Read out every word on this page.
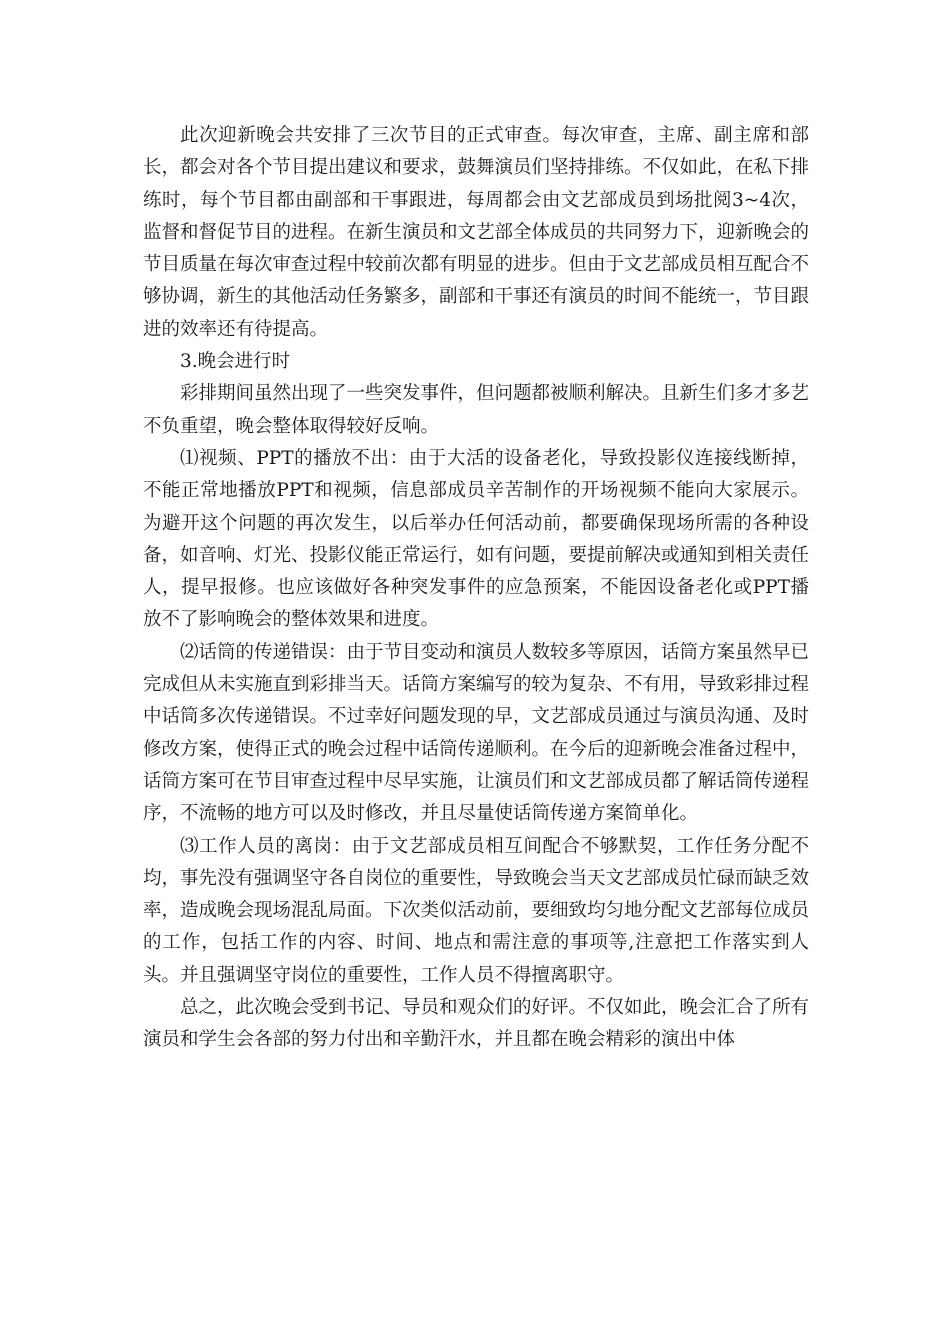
此次迎新晚会共安排了三次节目的正式审查。每次审查，主席、副主席和部长，都会对各个节目提出建议和要求，鼓舞演员们坚持排练。不仅如此，在私下排练时，每个节目都由副部和干事跟进，每周都会由文艺部成员到场批阅3~4次，监督和督促节目的进程。在新生演员和文艺部全体成员的共同努力下，迎新晚会的节目质量在每次审查过程中较前次都有明显的进步。但由于文艺部成员相互配合不够协调，新生的其他活动任务繁多，副部和干事还有演员的时间不能统一，节目跟进的效率还有待提高。

3.晚会进行时

彩排期间虽然出现了一些突发事件，但问题都被顺利解决。且新生们多才多艺不负重望，晚会整体取得较好反响。

⑴视频、PPT的播放不出：由于大活的设备老化，导致投影仪连接线断掉，不能正常地播放PPT和视频，信息部成员辛苦制作的开场视频不能向大家展示。为避开这个问题的再次发生，以后举办任何活动前，都要确保现场所需的各种设备，如音响、灯光、投影仪能正常运行，如有问题，要提前解决或通知到相关责任人，提早报修。也应该做好各种突发事件的应急预案，不能因设备老化或PPT播放不了影响晚会的整体效果和进度。

⑵话筒的传递错误：由于节目变动和演员人数较多等原因，话筒方案虽然早已完成但从未实施直到彩排当天。话筒方案编写的较为复杂、不有用，导致彩排过程中话筒多次传递错误。不过幸好问题发现的早，文艺部成员通过与演员沟通、及时修改方案，使得正式的晚会过程中话筒传递顺利。在今后的迎新晚会准备过程中，话筒方案可在节目审查过程中尽早实施，让演员们和文艺部成员都了解话筒传递程序，不流畅的地方可以及时修改，并且尽量使话筒传递方案简单化。

⑶工作人员的离岗：由于文艺部成员相互间配合不够默契，工作任务分配不均，事先没有强调坚守各自岗位的重要性，导致晚会当天文艺部成员忙碌而缺乏效率，造成晚会现场混乱局面。下次类似活动前，要细致均匀地分配文艺部每位成员的工作，包括工作的内容、时间、地点和需注意的事项等,注意把工作落实到人头。并且强调坚守岗位的重要性，工作人员不得擅离职守。

总之，此次晚会受到书记、导员和观众们的好评。不仅如此，晚会汇合了所有演员和学生会各部的努力付出和辛勤汗水，并且都在晚会精彩的演出中体
